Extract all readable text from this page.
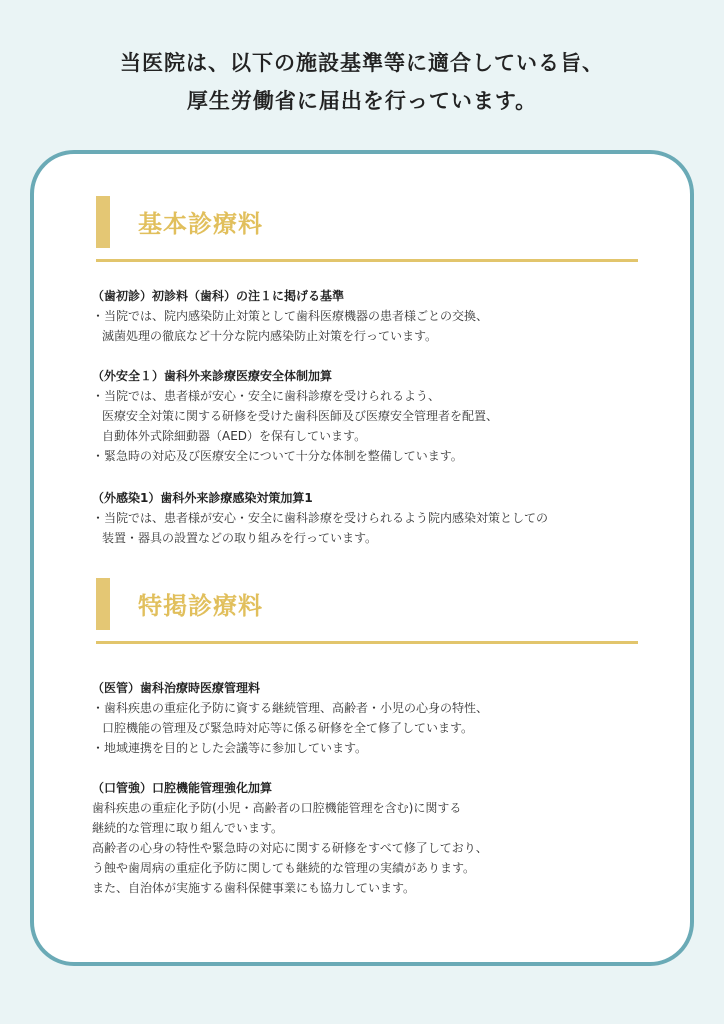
当医院は、以下の施設基準等に適合している旨、
厚生労働省に届出を行っています。
基本診療料
（歯初診）初診料（歯科）の注１に掲げる基準
・当院では、院内感染防止対策として歯科医療機器の患者様ごとの交換、
滅菌処理の徹底など十分な院内感染防止対策を行っています。
（外安全１）歯科外来診療医療安全体制加算
・当院では、患者様が安心・安全に歯科診療を受けられるよう、
医療安全対策に関する研修を受けた歯科医師及び医療安全管理者を配置、
自動体外式除細動器（AED）を保有しています。
・緊急時の対応及び医療安全について十分な体制を整備しています。
（外感染1）歯科外来診療感染対策加算1
・当院では、患者様が安心・安全に歯科診療を受けられるよう院内感染対策としての
装置・器具の設置などの取り組みを行っています。
特掲診療料
（医管）歯科治療時医療管理料
・歯科疾患の重症化予防に資する継続管理、高齢者・小児の心身の特性、
口腔機能の管理及び緊急時対応等に係る研修を全て修了しています。
・地域連携を目的とした会議等に参加しています。
（口管強）口腔機能管理強化加算
歯科疾患の重症化予防(小児・高齢者の口腔機能管理を含む)に関する
継続的な管理に取り組んでいます。
高齢者の心身の特性や緊急時の対応に関する研修をすべて修了しており、
う蝕や歯周病の重症化予防に関しても継続的な管理の実績があります。
また、自治体が実施する歯科保健事業にも協力しています。
